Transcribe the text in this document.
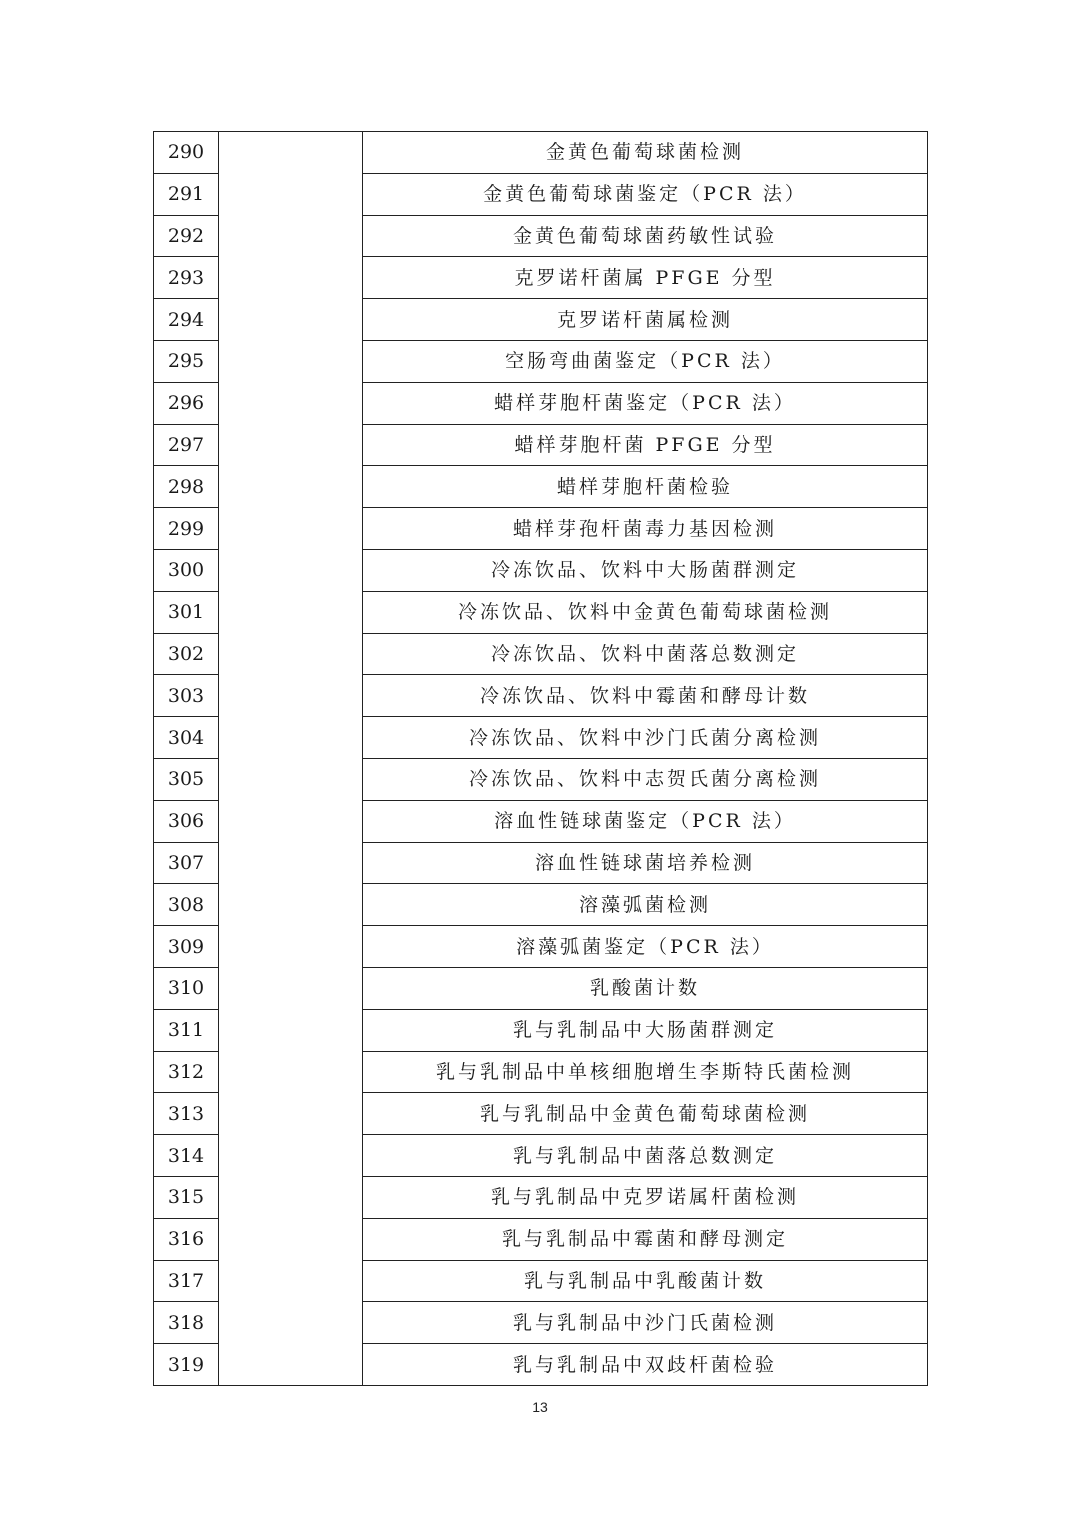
290		金黄色葡萄球菌检测
291		金黄色葡萄球菌鉴定（PCR 法）
292		金黄色葡萄球菌药敏性试验
293		克罗诺杆菌属 PFGE 分型
294		克罗诺杆菌属检测
295		空肠弯曲菌鉴定（PCR 法）
296		蜡样芽胞杆菌鉴定（PCR 法）
297		蜡样芽胞杆菌 PFGE 分型
298		蜡样芽胞杆菌检验
299		蜡样芽孢杆菌毒力基因检测
300		冷冻饮品、饮料中大肠菌群测定
301		冷冻饮品、饮料中金黄色葡萄球菌检测
302		冷冻饮品、饮料中菌落总数测定
303		冷冻饮品、饮料中霉菌和酵母计数
304		冷冻饮品、饮料中沙门氏菌分离检测
305		冷冻饮品、饮料中志贺氏菌分离检测
306		溶血性链球菌鉴定（PCR 法）
307		溶血性链球菌培养检测
308		溶藻弧菌检测
309		溶藻弧菌鉴定（PCR 法）
310		乳酸菌计数
311		乳与乳制品中大肠菌群测定
312		乳与乳制品中单核细胞增生李斯特氏菌检测
313		乳与乳制品中金黄色葡萄球菌检测
314		乳与乳制品中菌落总数测定
315		乳与乳制品中克罗诺属杆菌检测
316		乳与乳制品中霉菌和酵母测定
317		乳与乳制品中乳酸菌计数
318		乳与乳制品中沙门氏菌检测
319		乳与乳制品中双歧杆菌检验
13
